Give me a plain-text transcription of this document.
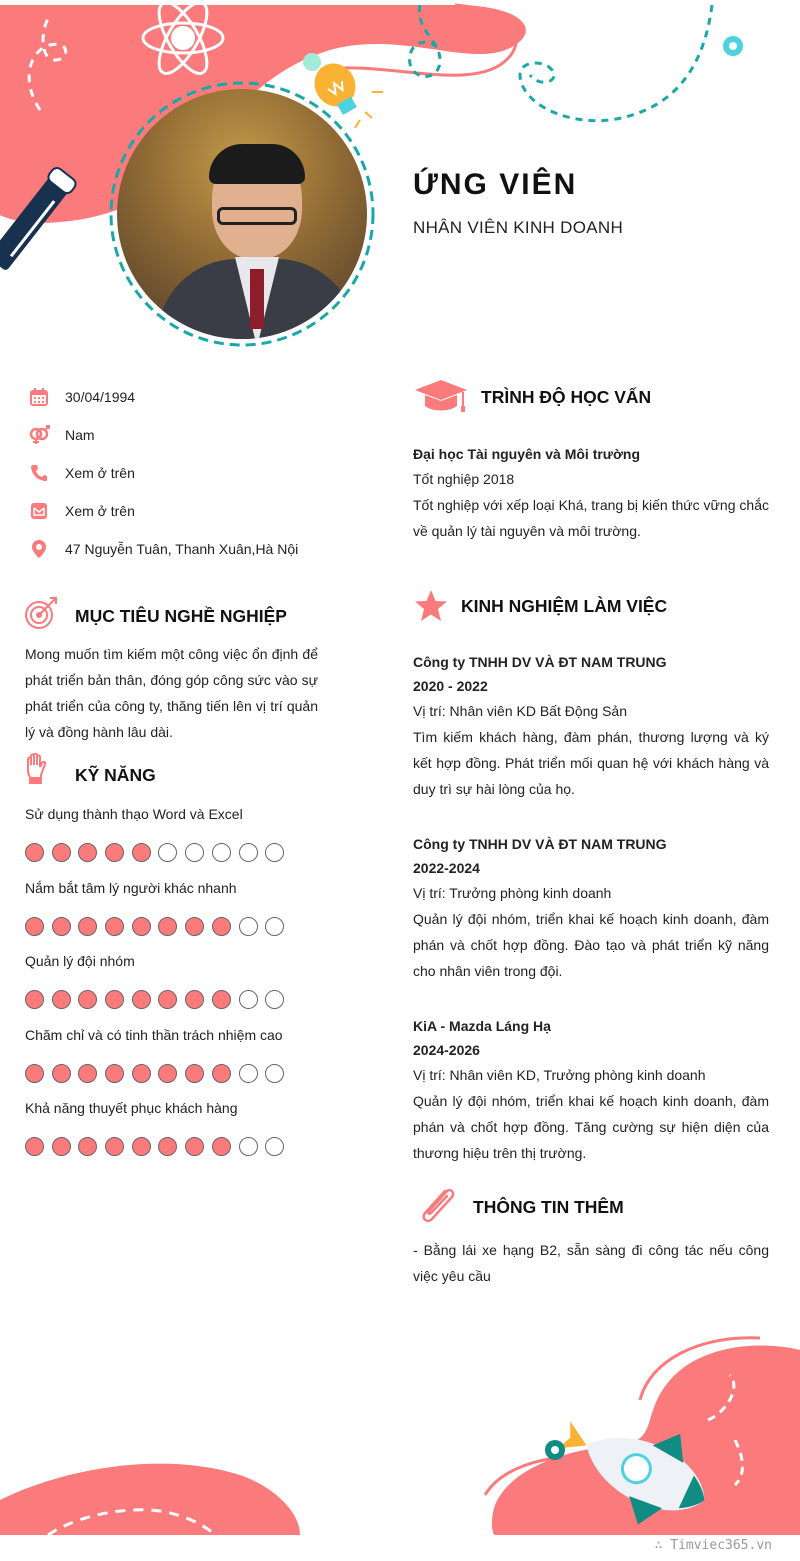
ỨNG VIÊN
NHÂN VIÊN KINH DOANH
30/04/1994
Nam
Xem ở trên
Xem ở trên
47 Nguyễn Tuân, Thanh Xuân,Hà Nội
MỤC TIÊU NGHỀ NGHIỆP
Mong muốn tìm kiếm một công việc ổn định để phát triển bản thân, đóng góp công sức vào sự phát triển của công ty, thăng tiến lên vị trí quản lý và đồng hành lâu dài.
KỸ NĂNG
Sử dụng thành thạo Word và Excel
Nắm bắt tâm lý người khác nhanh
Quản lý đội nhóm
Chăm chỉ và có tinh thần trách nhiệm cao
Khả năng thuyết phục khách hàng
TRÌNH ĐỘ HỌC VẤN
Đại học Tài nguyên và Môi trường
Tốt nghiệp 2018
Tốt nghiệp với xếp loại Khá, trang bị kiến thức vững chắc về quản lý tài nguyên và môi trường.
KINH NGHIỆM LÀM VIỆC
Công ty TNHH DV VÀ ĐT NAM TRUNG
2020 - 2022
Vị trí: Nhân viên KD Bất Động Sản
Tìm kiếm khách hàng, đàm phán, thương lượng và ký kết hợp đồng. Phát triển mối quan hệ với khách hàng và duy trì sự hài lòng của họ.
Công ty TNHH DV VÀ ĐT NAM TRUNG
2022-2024
Vị trí: Trưởng phòng kinh doanh
Quản lý đội nhóm, triển khai kế hoạch kinh doanh, đàm phán và chốt hợp đồng. Đào tạo và phát triển kỹ năng cho nhân viên trong đội.
KiA - Mazda Láng Hạ
2024-2026
Vị trí: Nhân viên KD, Trưởng phòng kinh doanh
Quản lý đội nhóm, triển khai kế hoạch kinh doanh, đàm phán và chốt hợp đồng. Tăng cường sự hiện diện của thương hiệu trên thị trường.
THÔNG TIN THÊM
- Bằng lái xe hạng B2, sẵn sàng đi công tác nếu công việc yêu cầu
∴ Timviec365.vn
